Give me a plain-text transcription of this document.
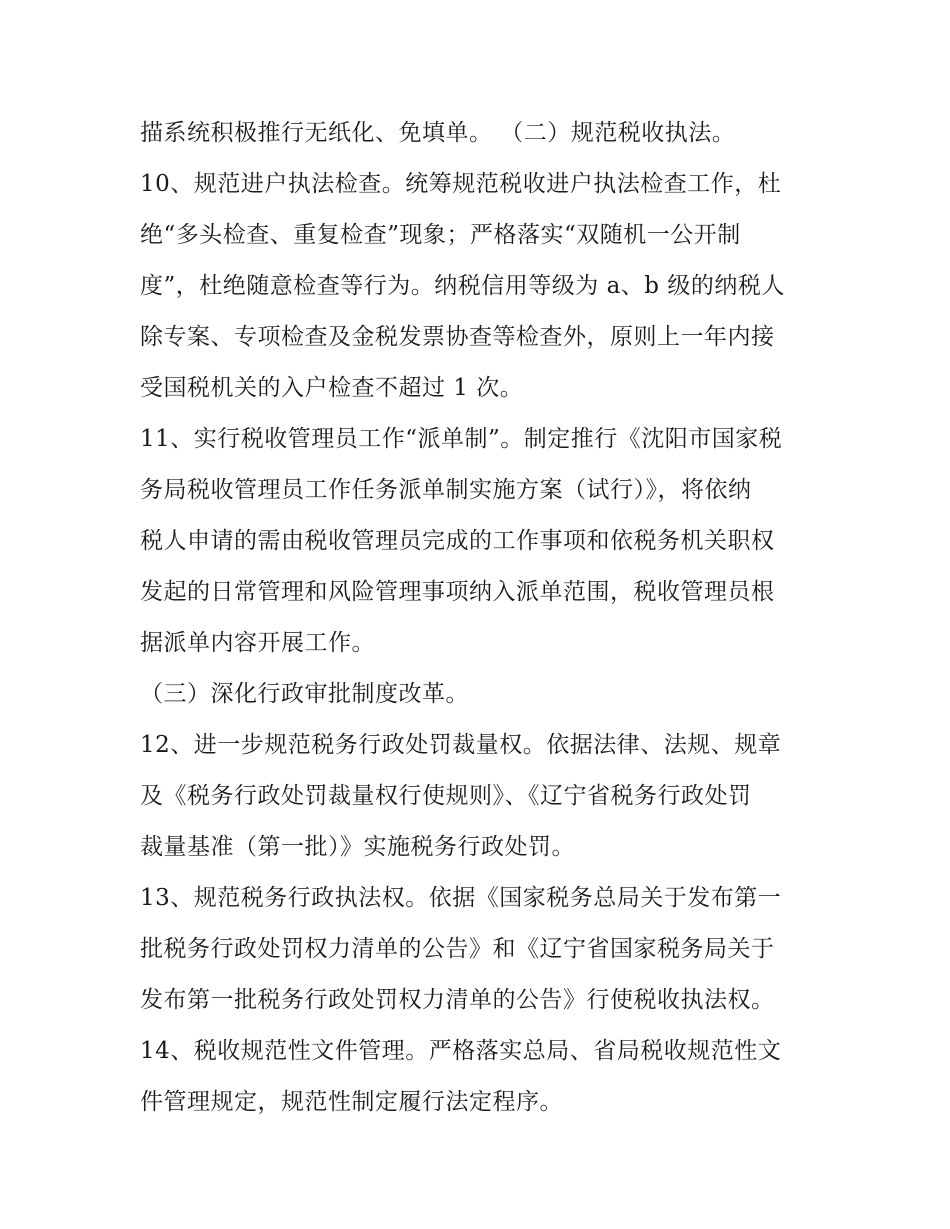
描系统积极推行无纸化、免填单。 （二）规范税收执法。
10、规范进户执法检查。统筹规范税收进户执法检查工作，杜
绝“多头检查、重复检查”现象；严格落实“双随机一公开制
度”，杜绝随意检查等行为。纳税信用等级为 a、b 级的纳税人
除专案、专项检查及金税发票协查等检查外，原则上一年内接
受国税机关的入户检查不超过 1 次。
11、实行税收管理员工作“派单制”。制定推行《沈阳市国家税
务局税收管理员工作任务派单制实施方案（试行）》，将依纳
税人申请的需由税收管理员完成的工作事项和依税务机关职权
发起的日常管理和风险管理事项纳入派单范围，税收管理员根
据派单内容开展工作。
（三）深化行政审批制度改革。
12、进一步规范税务行政处罚裁量权。依据法律、法规、规章
及《税务行政处罚裁量权行使规则》、《辽宁省税务行政处罚
裁量基准（第一批）》实施税务行政处罚。
13、规范税务行政执法权。依据《国家税务总局关于发布第一
批税务行政处罚权力清单的公告》和《辽宁省国家税务局关于
发布第一批税务行政处罚权力清单的公告》行使税收执法权。
14、税收规范性文件管理。严格落实总局、省局税收规范性文
件管理规定，规范性制定履行法定程序。
